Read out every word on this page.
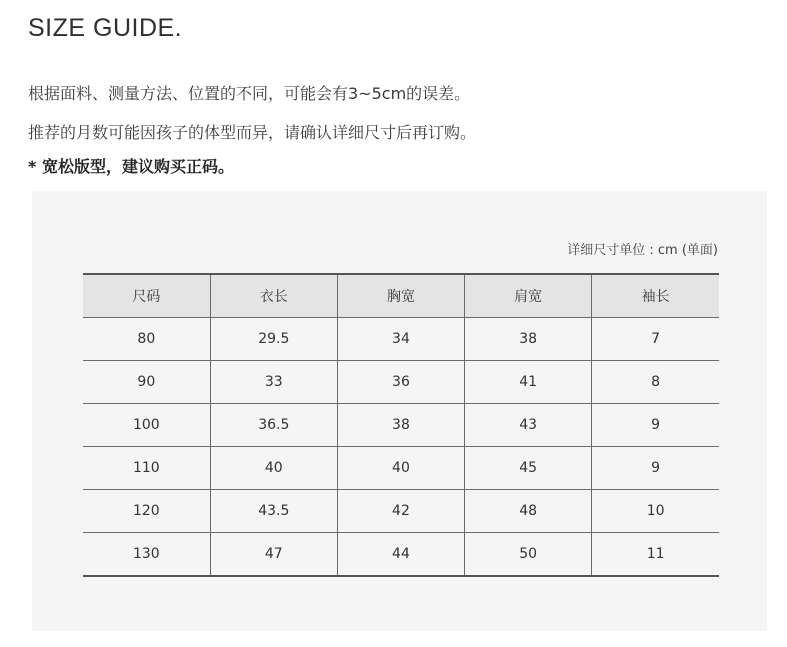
SIZE GUIDE.
根据面料、测量方法、位置的不同，可能会有3~5cm的误差。
推荐的月数可能因孩子的体型而异，请确认详细尺寸后再订购。
* 宽松版型，建议购买正码。
详细尺寸单位 : cm (单面)
尺码	衣长	胸宽	肩宽	袖长
80	29.5	34	38	7
90	33	36	41	8
100	36.5	38	43	9
110	40	40	45	9
120	43.5	42	48	10
130	47	44	50	11
